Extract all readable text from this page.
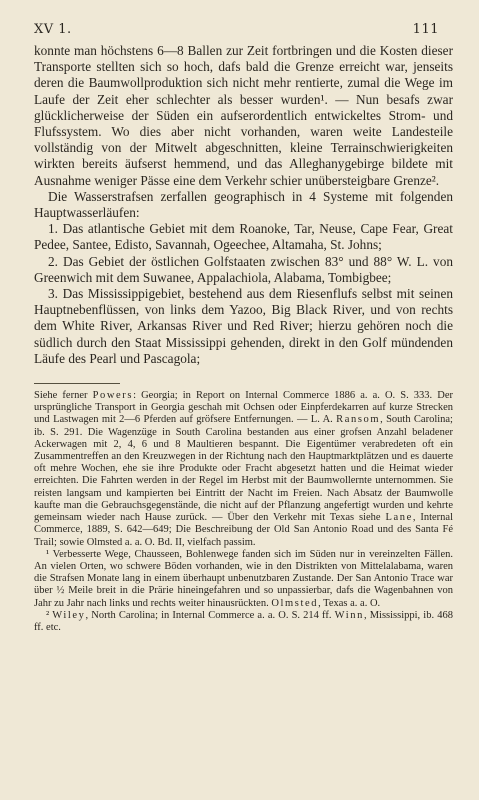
XV 1.	111

konnte man höchstens 6—8 Ballen zur Zeit fortbringen und die Kosten dieser Transporte stellten sich so hoch, dafs bald die Grenze erreicht war, jenseits deren die Baumwollproduktion sich nicht mehr rentierte, zumal die Wege im Laufe der Zeit eher schlechter als besser wurden¹. — Nun besafs zwar glücklicherweise der Süden ein aufserordentlich entwickeltes Strom- und Flufssystem. Wo dies aber nicht vorhanden, waren weite Landesteile vollständig von der Mitwelt abgeschnitten, kleine Terrainschwierigkeiten wirkten bereits äufserst hemmend, und das Alleghanygebirge bildete mit Ausnahme weniger Pässe eine dem Verkehr schier unübersteigbare Grenze².

Die Wasserstrafsen zerfallen geographisch in 4 Systeme mit folgenden Hauptwasserläufen:

1. Das atlantische Gebiet mit dem Roanoke, Tar, Neuse, Cape Fear, Great Pedee, Santee, Edisto, Savannah, Ogeechee, Altamaha, St. Johns;

2. Das Gebiet der östlichen Golfstaaten zwischen 83° und 88° W. L. von Greenwich mit dem Suwanee, Appalachiola, Alabama, Tombigbee;

3. Das Mississippigebiet, bestehend aus dem Riesenflufs selbst mit seinen Hauptnebenflüssen, von links dem Yazoo, Big Black River, und von rechts dem White River, Arkansas River und Red River; hierzu gehören noch die südlich durch den Staat Mississippi gehenden, direkt in den Golf mündenden Läufe des Pearl und Pascagola;

Siehe ferner Powers: Georgia; in Report on Internal Commerce 1886 a. a. O. S. 333. Der ursprüngliche Transport in Georgia geschah mit Ochsen oder Einpferdekarren auf kurze Strecken und Lastwagen mit 2—6 Pferden auf gröfsere Entfernungen. — L. A. Ransom, South Carolina; ib. S. 291. Die Wagenzüge in South Carolina bestanden aus einer grofsen Anzahl beladener Ackerwagen mit 2, 4, 6 und 8 Maultieren bespannt. Die Eigentümer verabredeten oft ein Zusammentreffen an den Kreuzwegen in der Richtung nach den Hauptmarktplätzen und es dauerte oft mehre Wochen, ehe sie ihre Produkte oder Fracht abgesetzt hatten und die Heimat wieder erreichten. Die Fahrten werden in der Regel im Herbst mit der Baumwollernte unternommen. Sie reisten langsam und kampierten bei Eintritt der Nacht im Freien. Nach Absatz der Baumwolle kaufte man die Gebrauchsgegenstände, die nicht auf der Pflanzung angefertigt wurden und kehrte gemeinsam wieder nach Hause zurück. — Über den Verkehr mit Texas siehe Lane, Internal Commerce, 1889, S. 642—649; Die Beschreibung der Old San Antonio Road und des Santa Fé Trail; sowie Olmsted a. a. O. Bd. II, vielfach passim.

¹ Verbesserte Wege, Chausseen, Bohlenwege fanden sich im Süden nur in vereinzelten Fällen. An vielen Orten, wo schwere Böden vorhanden, wie in den Distrikten von Mittelalabama, waren die Strafsen Monate lang in einem überhaupt unbenutzbaren Zustande. Der San Antonio Trace war über ½ Meile breit in die Prärie hineingefahren und so unpassierbar, dafs die Wagenbahnen von Jahr zu Jahr nach links und rechts weiter hinausrückten. Olmsted, Texas a. a. O.

² Wiley, North Carolina; in Internal Commerce a. a. O. S. 214 ff. Winn, Mississippi, ib. 468 ff. etc.
